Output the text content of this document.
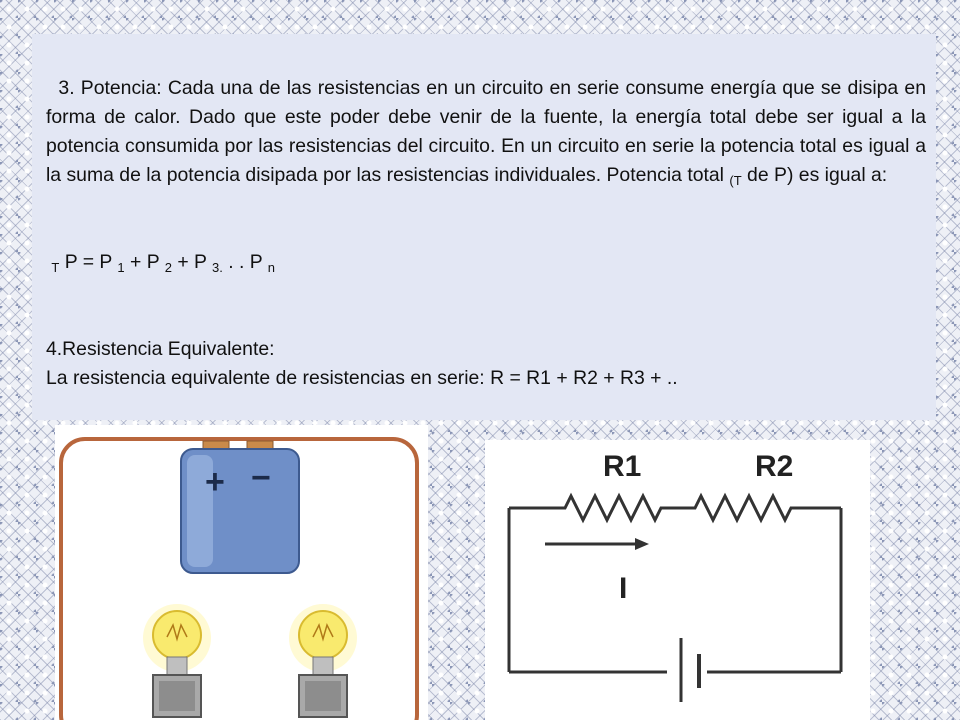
3. Potencia: Cada una de las resistencias en un circuito en serie consume energía que se disipa en forma de calor. Dado que este poder debe venir de la fuente, la energía total debe ser igual a la potencia consumida por las resistencias del circuito. En un circuito en serie la potencia total es igual a la suma de la potencia disipada por las resistencias individuales. Potencia total $_{(T}$ de P) es igual a:

$_T$ P = P $_1$ + P $_2$ + P $_{3.}$ . . P $_n$

4.Resistencia Equivalente:

La resistencia equivalente de resistencias en serie: R = R1 + R2 + R3 + ..

+ −	R1	R2
I
